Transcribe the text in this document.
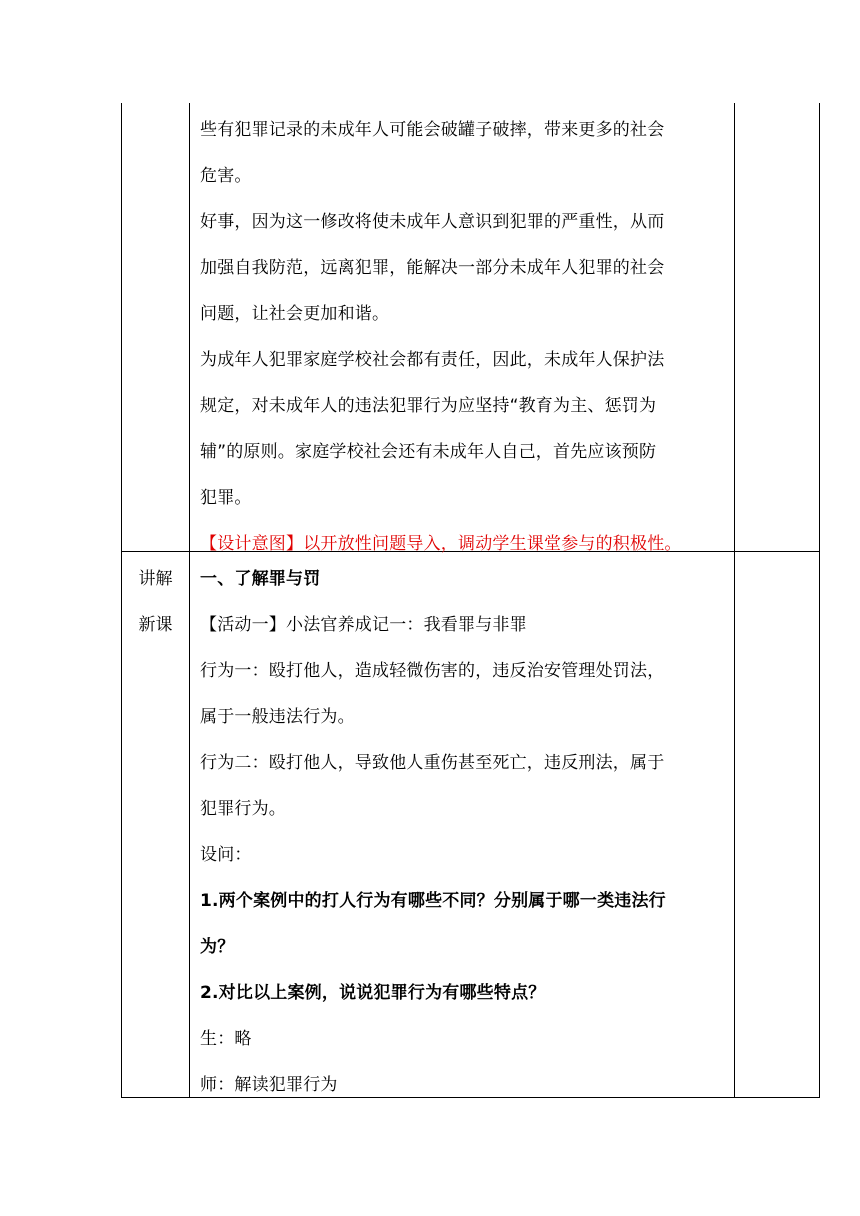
些有犯罪记录的未成年人可能会破罐子破摔，带来更多的社会

危害。

好事，因为这一修改将使未成年人意识到犯罪的严重性，从而

加强自我防范，远离犯罪，能解决一部分未成年人犯罪的社会

问题，让社会更加和谐。

为成年人犯罪家庭学校社会都有责任，因此，未成年人保护法

规定，对未成年人的违法犯罪行为应坚持“教育为主、惩罚为

辅”的原则。家庭学校社会还有未成年人自己，首先应该预防

犯罪。

【设计意图】以开放性问题导入，调动学生课堂参与的积极性。

讲解

新课

一、了解罪与罚

【活动一】小法官养成记一：我看罪与非罪

行为一：殴打他人，造成轻微伤害的，违反治安管理处罚法，

属于一般违法行为。

行为二：殴打他人，导致他人重伤甚至死亡，违反刑法，属于

犯罪行为。

设问：

1.两个案例中的打人行为有哪些不同？分别属于哪一类违法行

为？

2.对比以上案例，说说犯罪行为有哪些特点？

生：略

师：解读犯罪行为
